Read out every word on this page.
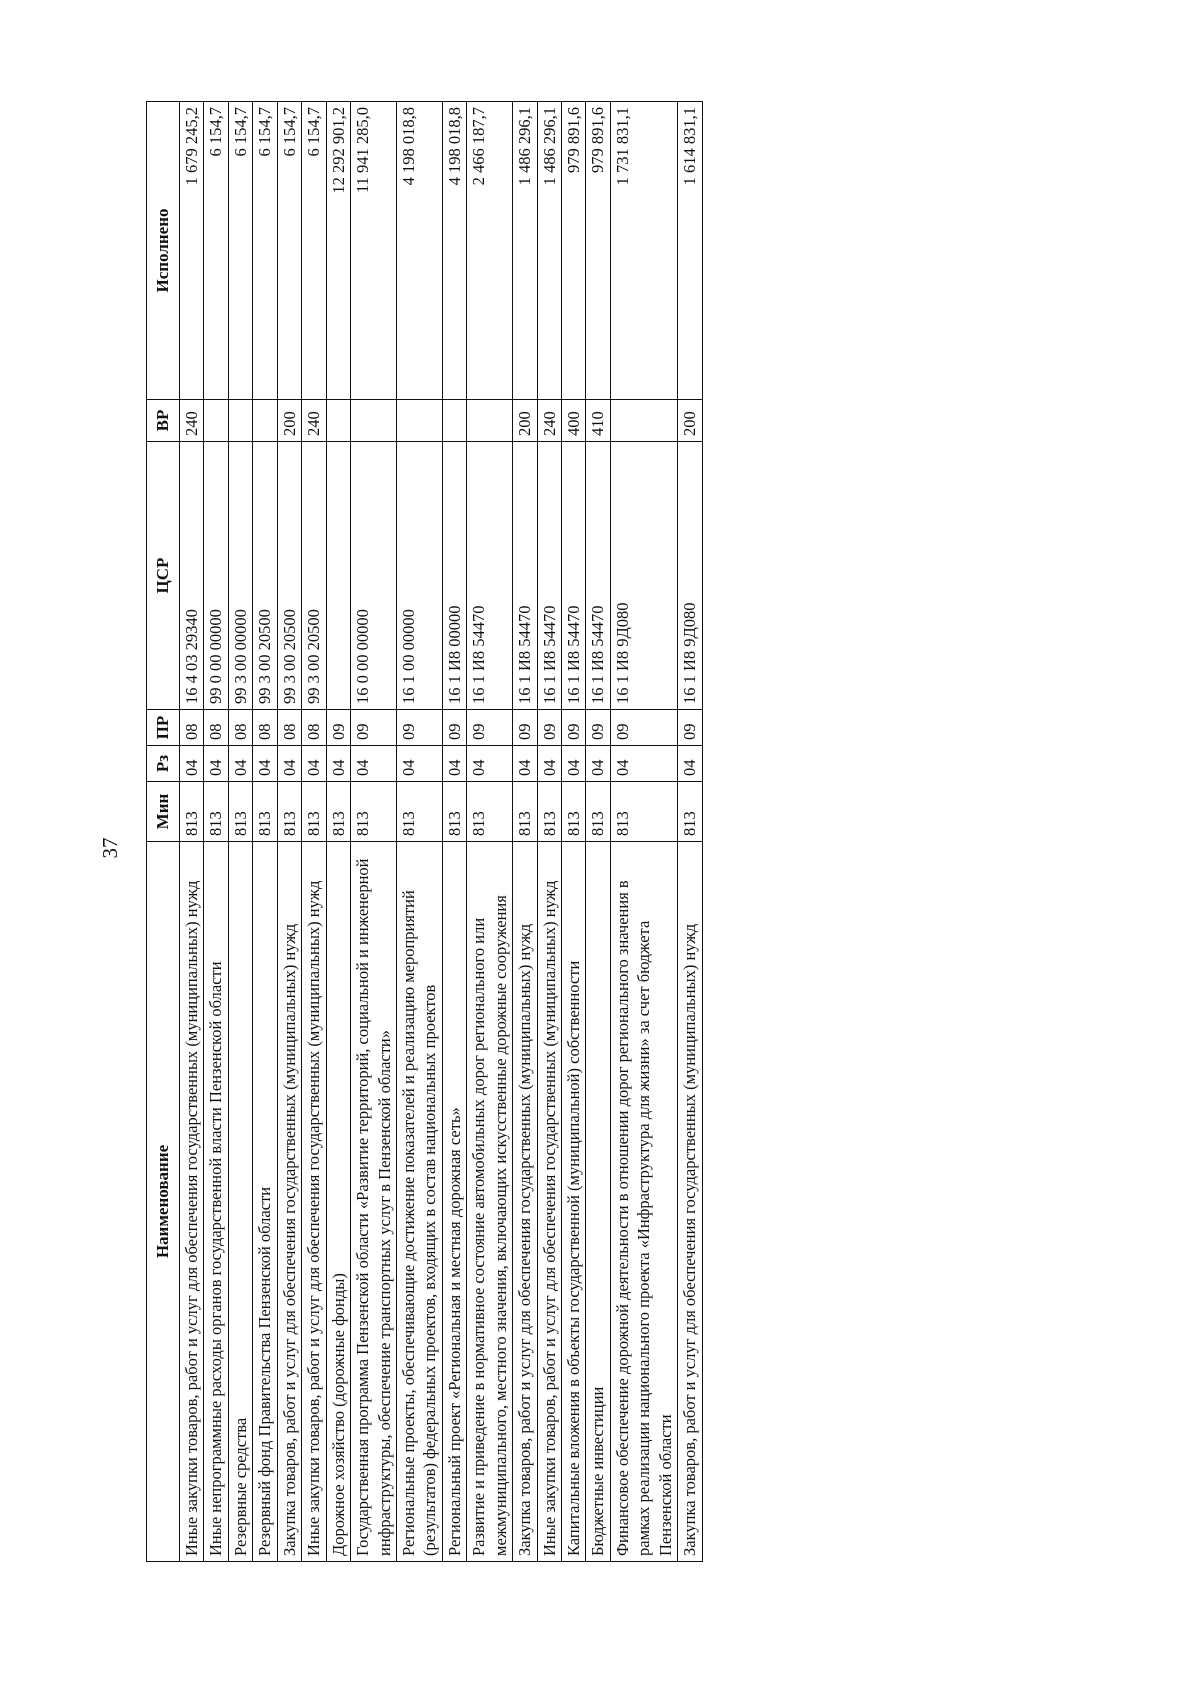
37
Наименование	Мин	Рз	ПР	ЦСР	ВР	Исполнено
Иные закупки товаров, работ и услуг для обеспечения государственных (муниципальных) нужд	813	04	08	16 4 03 29340	240	1 679 245,2
Иные непрограммные расходы органов государственной власти Пензенской области	813	04	08	99 0 00 00000		6 154,7
Резервные средства	813	04	08	99 3 00 00000		6 154,7
Резервный фонд Правительства Пензенской области	813	04	08	99 3 00 20500		6 154,7
Закупка товаров, работ и услуг для обеспечения государственных (муниципальных) нужд	813	04	08	99 3 00 20500	200	6 154,7
Иные закупки товаров, работ и услуг для обеспечения государственных (муниципальных) нужд	813	04	08	99 3 00 20500	240	6 154,7
Дорожное хозяйство (дорожные фонды)	813	04	09			12 292 901,2
Государственная программа Пензенской области «Развитие территорий, социальной и инженерной инфраструктуры, обеспечение транспортных услуг в Пензенской области»	813	04	09	16 0 00 00000		11 941 285,0
Региональные проекты, обеспечивающие достижение показателей и реализацию мероприятий (результатов) федеральных проектов, входящих в состав национальных проектов	813	04	09	16 1 00 00000		4 198 018,8
Региональный проект «Региональная и местная дорожная сеть»	813	04	09	16 1 И8 00000		4 198 018,8
Развитие и приведение в нормативное состояние автомобильных дорог регионального или межмуниципального, местного значения, включающих искусственные дорожные сооружения	813	04	09	16 1 И8 54470		2 466 187,7
Закупка товаров, работ и услуг для обеспечения государственных (муниципальных) нужд	813	04	09	16 1 И8 54470	200	1 486 296,1
Иные закупки товаров, работ и услуг для обеспечения государственных (муниципальных) нужд	813	04	09	16 1 И8 54470	240	1 486 296,1
Капитальные вложения в объекты государственной (муниципальной) собственности	813	04	09	16 1 И8 54470	400	979 891,6
Бюджетные инвестиции	813	04	09	16 1 И8 54470	410	979 891,6
Финансовое обеспечение дорожной деятельности в отношении дорог регионального значения в рамках реализации национального проекта «Инфраструктура для жизни» за счет бюджета Пензенской области	813	04	09	16 1 И8 9Д080		1 731 831,1
Закупка товаров, работ и услуг для обеспечения государственных (муниципальных) нужд	813	04	09	16 1 И8 9Д080	200	1 614 831,1
